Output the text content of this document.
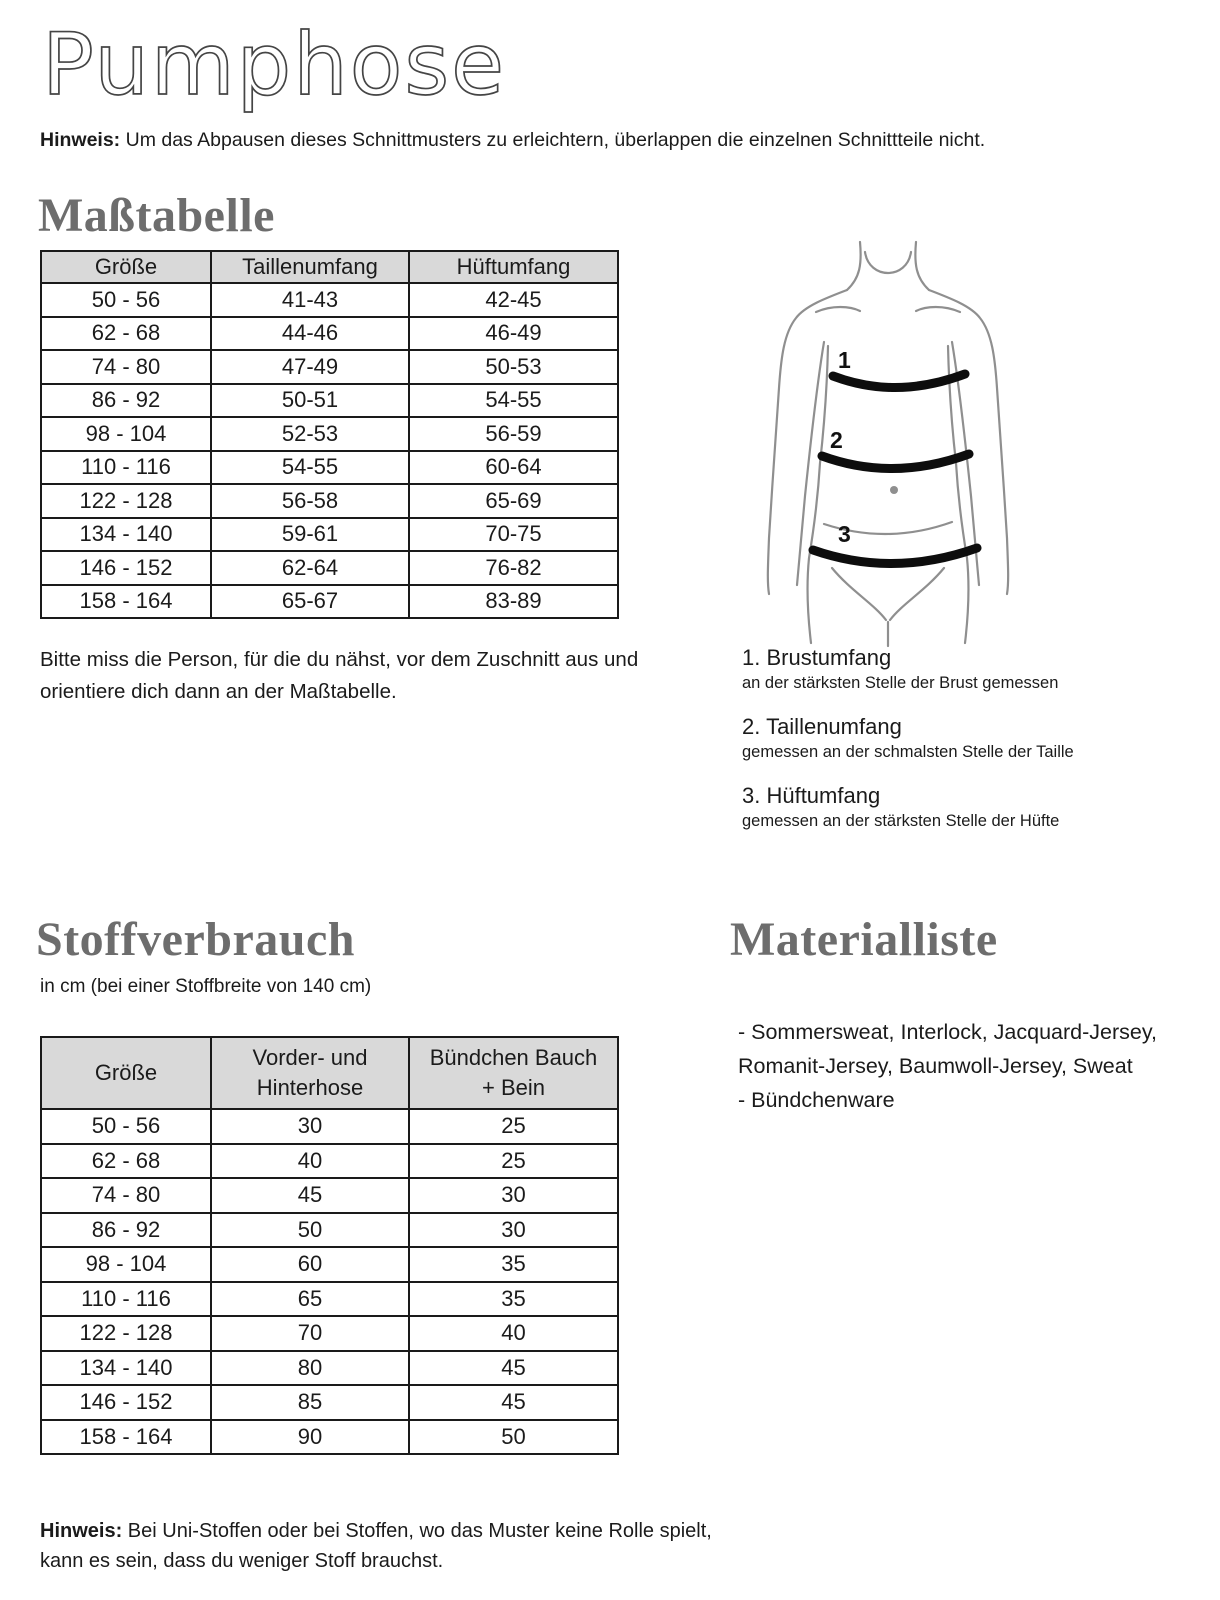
Pumphose
Hinweis: Um das Abpausen dieses Schnittmusters zu erleichtern, überlappen die einzelnen Schnittteile nicht.
Maßtabelle
Größe	Taillenumfang	Hüftumfang
50 - 56	41-43	42-45
62 - 68	44-46	46-49
74 - 80	47-49	50-53
86 - 92	50-51	54-55
98 - 104	52-53	56-59
110 - 116	54-55	60-64
122 - 128	56-58	65-69
134 - 140	59-61	70-75
146 - 152	62-64	76-82
158 - 164	65-67	83-89
Bitte miss die Person, für die du nähst, vor dem Zuschnitt aus und orientiere dich dann an der Maßtabelle.
1
2
3
1. Brustumfang
an der stärksten Stelle der Brust gemessen
2. Taillenumfang
gemessen an der schmalsten Stelle der Taille
3. Hüftumfang
gemessen an der stärksten Stelle der Hüfte
Stoffverbrauch
in cm (bei einer Stoffbreite von 140 cm)
Größe	Vorder- und Hinterhose	Bündchen Bauch + Bein
50 - 56	30	25
62 - 68	40	25
74 - 80	45	30
86 - 92	50	30
98 - 104	60	35
110 - 116	65	35
122 - 128	70	40
134 - 140	80	45
146 - 152	85	45
158 - 164	90	50
Materialliste
- Sommersweat, Interlock, Jacquard-Jersey, Romanit-Jersey, Baumwoll-Jersey, Sweat
- Bündchenware
Hinweis: Bei Uni-Stoffen oder bei Stoffen, wo das Muster keine Rolle spielt, kann es sein, dass du weniger Stoff brauchst.
